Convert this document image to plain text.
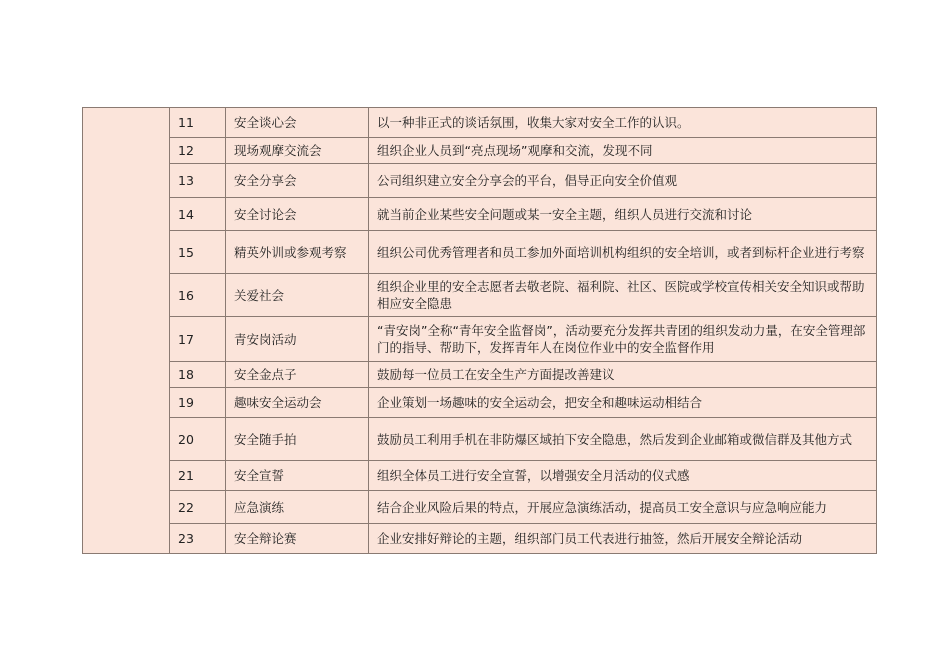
	11	安全谈心会	以一种非正式的谈话氛围，收集大家对安全工作的认识。
	12	现场观摩交流会	组织企业人员到“亮点现场”观摩和交流，发现不同
	13	安全分享会	公司组织建立安全分享会的平台，倡导正向安全价值观
	14	安全讨论会	就当前企业某些安全问题或某一安全主题，组织人员进行交流和讨论
	15	精英外训或参观考察	组织公司优秀管理者和员工参加外面培训机构组织的安全培训，或者到标杆企业进行考察
	16	关爱社会	组织企业里的安全志愿者去敬老院、福利院、社区、医院或学校宣传相关安全知识或帮助相应安全隐患
	17	青安岗活动	“青安岗”全称“青年安全监督岗”，活动要充分发挥共青团的组织发动力量，在安全管理部门的指导、帮助下，发挥青年人在岗位作业中的安全监督作用
	18	安全金点子	鼓励每一位员工在安全生产方面提改善建议
	19	趣味安全运动会	企业策划一场趣味的安全运动会，把安全和趣味运动相结合
	20	安全随手拍	鼓励员工利用手机在非防爆区域拍下安全隐患，然后发到企业邮箱或微信群及其他方式
	21	安全宣誓	组织全体员工进行安全宣誓，以增强安全月活动的仪式感
	22	应急演练	结合企业风险后果的特点，开展应急演练活动，提高员工安全意识与应急响应能力
	23	安全辩论赛	企业安排好辩论的主题，组织部门员工代表进行抽签，然后开展安全辩论活动
